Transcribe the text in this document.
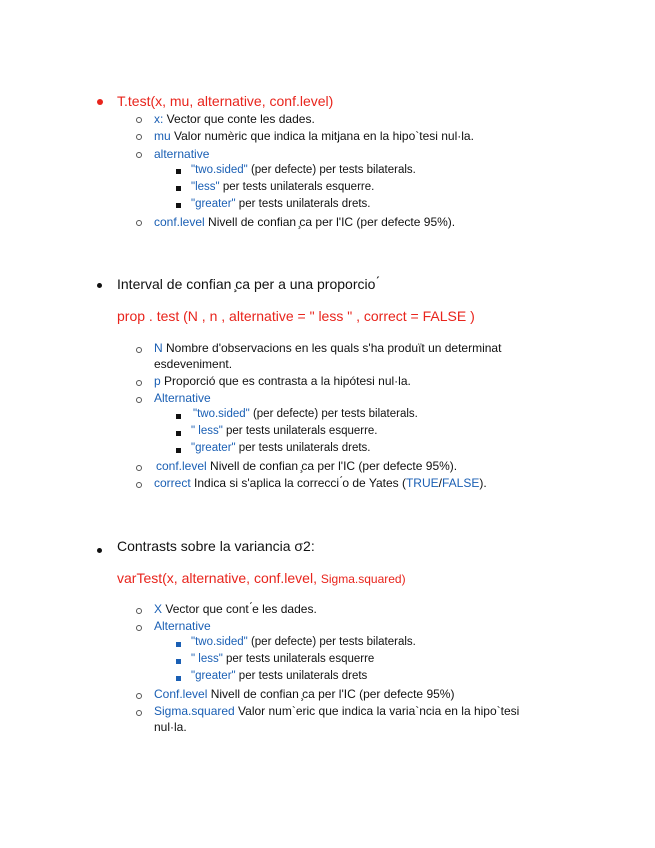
T.test(x, mu, alternative, conf.level)
x: Vector que conte les dades.
mu Valor numèric que indica la mitjana en la hipo`tesi nul·la.
alternative
"two.sided" (per defecte) per tests bilaterals.
"less" per tests unilaterals esquerre.
"greater" per tests unilaterals drets.
conf.level Nivell de confian ̧ca per l'IC (per defecte 95%).
Interval de confian ̧ca per a una proporcio ́
prop . test (N , n , alternative = " less " , correct = FALSE )
N Nombre d'observacions en les quals s'ha produït un determinat
esdeveniment.
p Proporció que es contrasta a la hipótesi nul·la.
Alternative
"two.sided" (per defecte) per tests bilaterals.
" less" per tests unilaterals esquerre.
"greater" per tests unilaterals drets.
conf.level Nivell de confian ̧ca per l'IC (per defecte 95%).
correct Indica si s'aplica la correcci ́o de Yates (TRUE/FALSE).
Contrasts sobre la variancia σ2:
varTest(x, alternative, conf.level, Sigma.squared)
X Vector que cont ́e les dades.
Alternative
"two.sided" (per defecte) per tests bilaterals.
" less" per tests unilaterals esquerre
"greater" per tests unilaterals drets
Conf.level Nivell de confian ̧ca per l'IC (per defecte 95%)
Sigma.squared Valor num`eric que indica la varia`ncia en la hipo`tesi
nul·la.
